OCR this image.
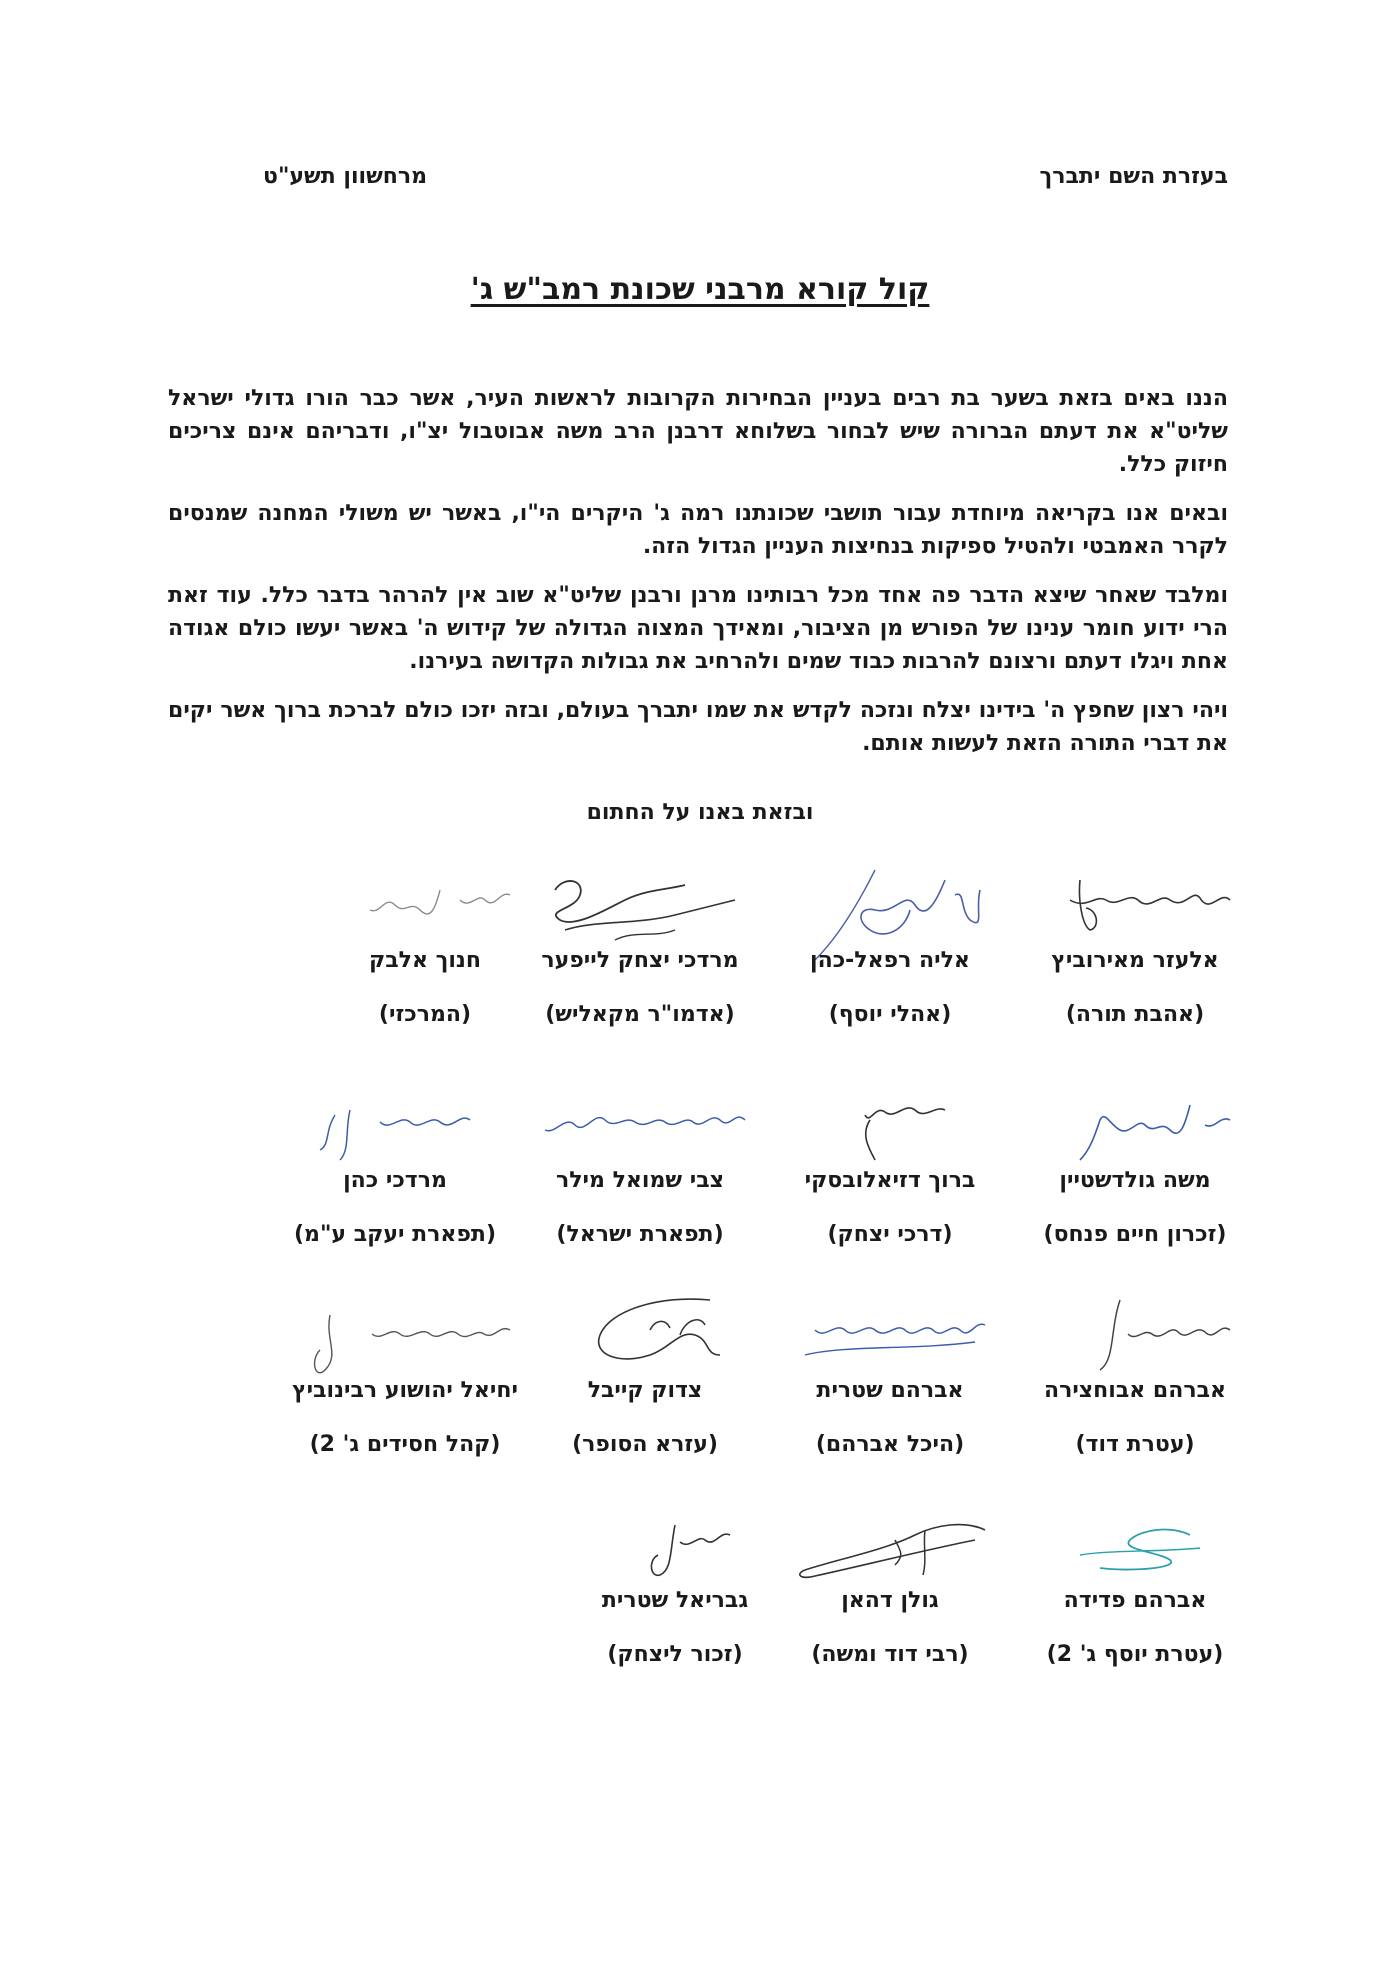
בעזרת השם יתברך
מרחשוון תשע"ט
קול קורא מרבני שכונת רמב"ש ג'

הננו באים בזאת בשער בת רבים בעניין הבחירות הקרובות לראשות העיר, אשר כבר הורו גדולי ישראל שליט"א את דעתם הברורה שיש לבחור בשלוחא דרבנן הרב משה אבוטבול יצ"ו, ודבריהם אינם צריכים חיזוק כלל.

ובאים אנו בקריאה מיוחדת עבור תושבי שכונתנו רמה ג' היקרים הי"ו, באשר יש משולי המחנה שמנסים לקרר האמבטי ולהטיל ספיקות בנחיצות העניין הגדול הזה.

ומלבד שאחר שיצא הדבר פה אחד מכל רבותינו מרנן ורבנן שליט"א שוב אין להרהר בדבר כלל. עוד זאת הרי ידוע חומר ענינו של הפורש מן הציבור, ומאידך המצוה הגדולה של קידוש ה' באשר יעשו כולם אגודה אחת ויגלו דעתם ורצונם להרבות כבוד שמים ולהרחיב את גבולות הקדושה בעירנו.

ויהי רצון שחפץ ה' בידינו יצלח ונזכה לקדש את שמו יתברך בעולם, ובזה יזכו כולם לברכת ברוך אשר יקים את דברי התורה הזאת לעשות אותם.

ובזאת באנו על החתום
אלעזר מאירוביץ
(אהבת תורה)
אליה רפאל-כהן
(אהלי יוסף)
מרדכי יצחק לייפער
(אדמו"ר מקאליש)
חנוך אלבק
(המרכזי)
משה גולדשטיין
(זכרון חיים פנחס)
ברוך דזיאלובסקי
(דרכי יצחק)
צבי שמואל מילר
(תפארת ישראל)
מרדכי כהן
(תפארת יעקב ע"מ)
אברהם אבוחצירה
(עטרת דוד)
אברהם שטרית
(היכל אברהם)
צדוק קייבל
(עזרא הסופר)
יחיאל יהושוע רבינוביץ
(קהל חסידים ג' 2)
אברהם פדידה
(עטרת יוסף ג' 2)
גולן דהאן
(רבי דוד ומשה)
גבריאל שטרית
(זכור ליצחק)
